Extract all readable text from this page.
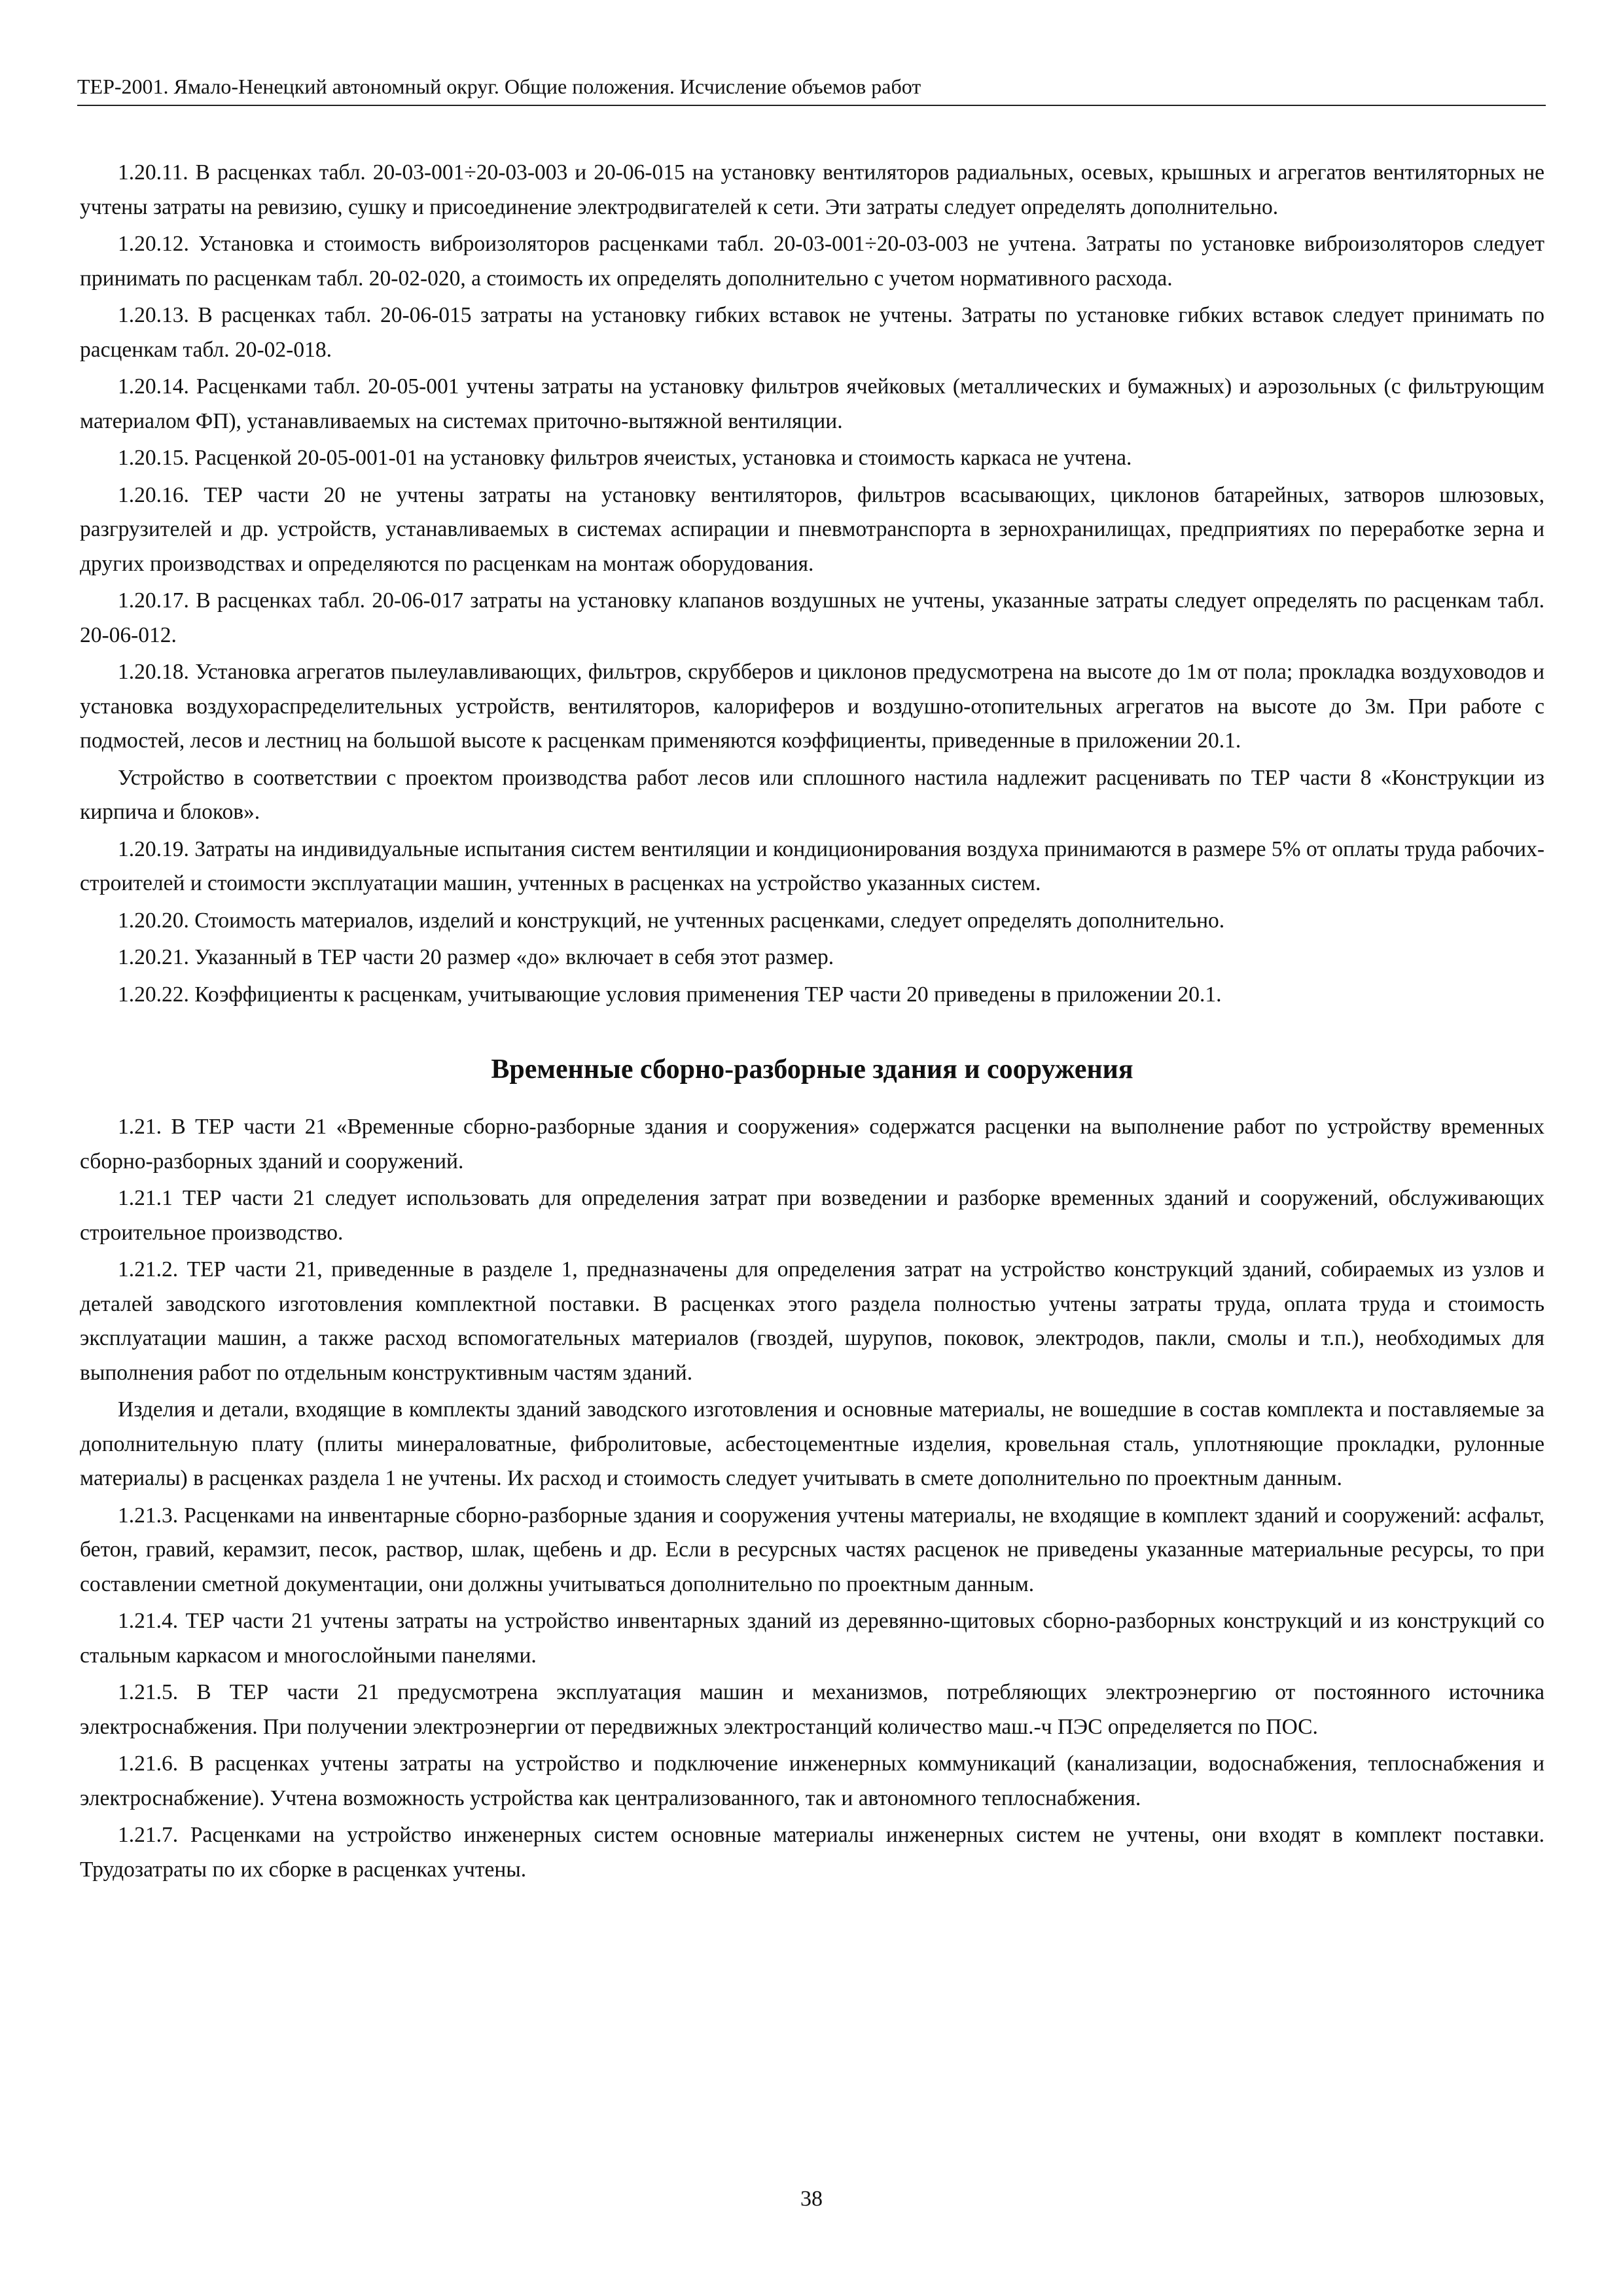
ТЕР-2001. Ямало-Ненецкий автономный округ. Общие положения. Исчисление объемов работ

1.20.11. В расценках табл. 20-03-001÷20-03-003 и 20-06-015 на установку вентиляторов радиальных, осевых, крышных и агрегатов вентиляторных не учтены затраты на ревизию, сушку и присоединение электродвигателей к сети. Эти затраты следует определять дополнительно.

1.20.12. Установка и стоимость виброизоляторов расценками табл. 20-03-001÷20-03-003 не учтена. Затраты по установке виброизоляторов следует принимать по расценкам табл. 20-02-020, а стоимость их определять дополнительно с учетом нормативного расхода.

1.20.13. В расценках табл. 20-06-015 затраты на установку гибких вставок не учтены. Затраты по установке гибких вставок следует принимать по расценкам табл. 20-02-018.

1.20.14. Расценками табл. 20-05-001 учтены затраты на установку фильтров ячейковых (металлических и бумажных) и аэрозольных (с фильтрующим материалом ФП), устанавливаемых на системах приточно-вытяжной вентиляции.

1.20.15. Расценкой 20-05-001-01 на установку фильтров ячеистых, установка и стоимость каркаса не учтена.

1.20.16. ТЕР части 20 не учтены затраты на установку вентиляторов, фильтров всасывающих, циклонов батарейных, затворов шлюзовых, разгрузителей и др. устройств, устанавливаемых в системах аспирации и пневмотранспорта в зернохранилищах, предприятиях по переработке зерна и других производствах и определяются по расценкам на монтаж оборудования.

1.20.17. В расценках табл. 20-06-017 затраты на установку клапанов воздушных не учтены, указанные затраты следует определять по расценкам табл. 20-06-012.

1.20.18. Установка агрегатов пылеулавливающих, фильтров, скрубберов и циклонов предусмотрена на высоте до 1м от пола; прокладка воздуховодов и установка воздухораспределительных устройств, вентиляторов, калориферов и воздушно-отопительных агрегатов на высоте до 3м. При работе с подмостей, лесов и лестниц на большой высоте к расценкам применяются коэффициенты, приведенные в приложении 20.1.

Устройство в соответствии с проектом производства работ лесов или сплошного настила надлежит расценивать по ТЕР части 8 «Конструкции из кирпича и блоков».

1.20.19. Затраты на индивидуальные испытания систем вентиляции и кондиционирования воздуха принимаются в размере 5% от оплаты труда рабочих-строителей и стоимости эксплуатации машин, учтенных в расценках на устройство указанных систем.

1.20.20. Стоимость материалов, изделий и конструкций, не учтенных расценками, следует определять дополнительно.

1.20.21. Указанный в ТЕР части 20 размер «до» включает в себя этот размер.

1.20.22. Коэффициенты к расценкам, учитывающие условия применения ТЕР части 20 приведены в приложении 20.1.

Временные сборно-разборные здания и сооружения

1.21. В ТЕР части 21 «Временные сборно-разборные здания и сооружения» содержатся расценки на выполнение работ по устройству временных сборно-разборных зданий и сооружений.

1.21.1 ТЕР части 21 следует использовать для определения затрат при возведении и разборке временных зданий и сооружений, обслуживающих строительное производство.

1.21.2. ТЕР части 21, приведенные в разделе 1, предназначены для определения затрат на устройство конструкций зданий, собираемых из узлов и деталей заводского изготовления комплектной поставки. В расценках этого раздела полностью учтены затраты труда, оплата труда и стоимость эксплуатации машин, а также расход вспомогательных материалов (гвоздей, шурупов, поковок, электродов, пакли, смолы и т.п.), необходимых для выполнения работ по отдельным конструктивным частям зданий.

Изделия и детали, входящие в комплекты зданий заводского изготовления и основные материалы, не вошедшие в состав комплекта и поставляемые за дополнительную плату (плиты минераловатные, фибролитовые, асбестоцементные изделия, кровельная сталь, уплотняющие прокладки, рулонные материалы) в расценках раздела 1 не учтены. Их расход и стоимость следует учитывать в смете дополнительно по проектным данным.

1.21.3. Расценками на инвентарные сборно-разборные здания и сооружения учтены материалы, не входящие в комплект зданий и сооружений: асфальт, бетон, гравий, керамзит, песок, раствор, шлак, щебень и др. Если в ресурсных частях расценок не приведены указанные материальные ресурсы, то при составлении сметной документации, они должны учитываться дополнительно по проектным данным.

1.21.4. ТЕР части 21 учтены затраты на устройство инвентарных зданий из деревянно-щитовых сборно-разборных конструкций и из конструкций со стальным каркасом и многослойными панелями.

1.21.5. В ТЕР части 21 предусмотрена эксплуатация машин и механизмов, потребляющих электроэнергию от постоянного источника электроснабжения. При получении электроэнергии от передвижных электростанций количество маш.-ч ПЭС определяется по ПОС.

1.21.6. В расценках учтены затраты на устройство и подключение инженерных коммуникаций (канализации, водоснабжения, теплоснабжения и электроснабжение). Учтена возможность устройства как централизованного, так и автономного теплоснабжения.

1.21.7. Расценками на устройство инженерных систем основные материалы инженерных систем не учтены, они входят в комплект поставки. Трудозатраты по их сборке в расценках учтены.

38
